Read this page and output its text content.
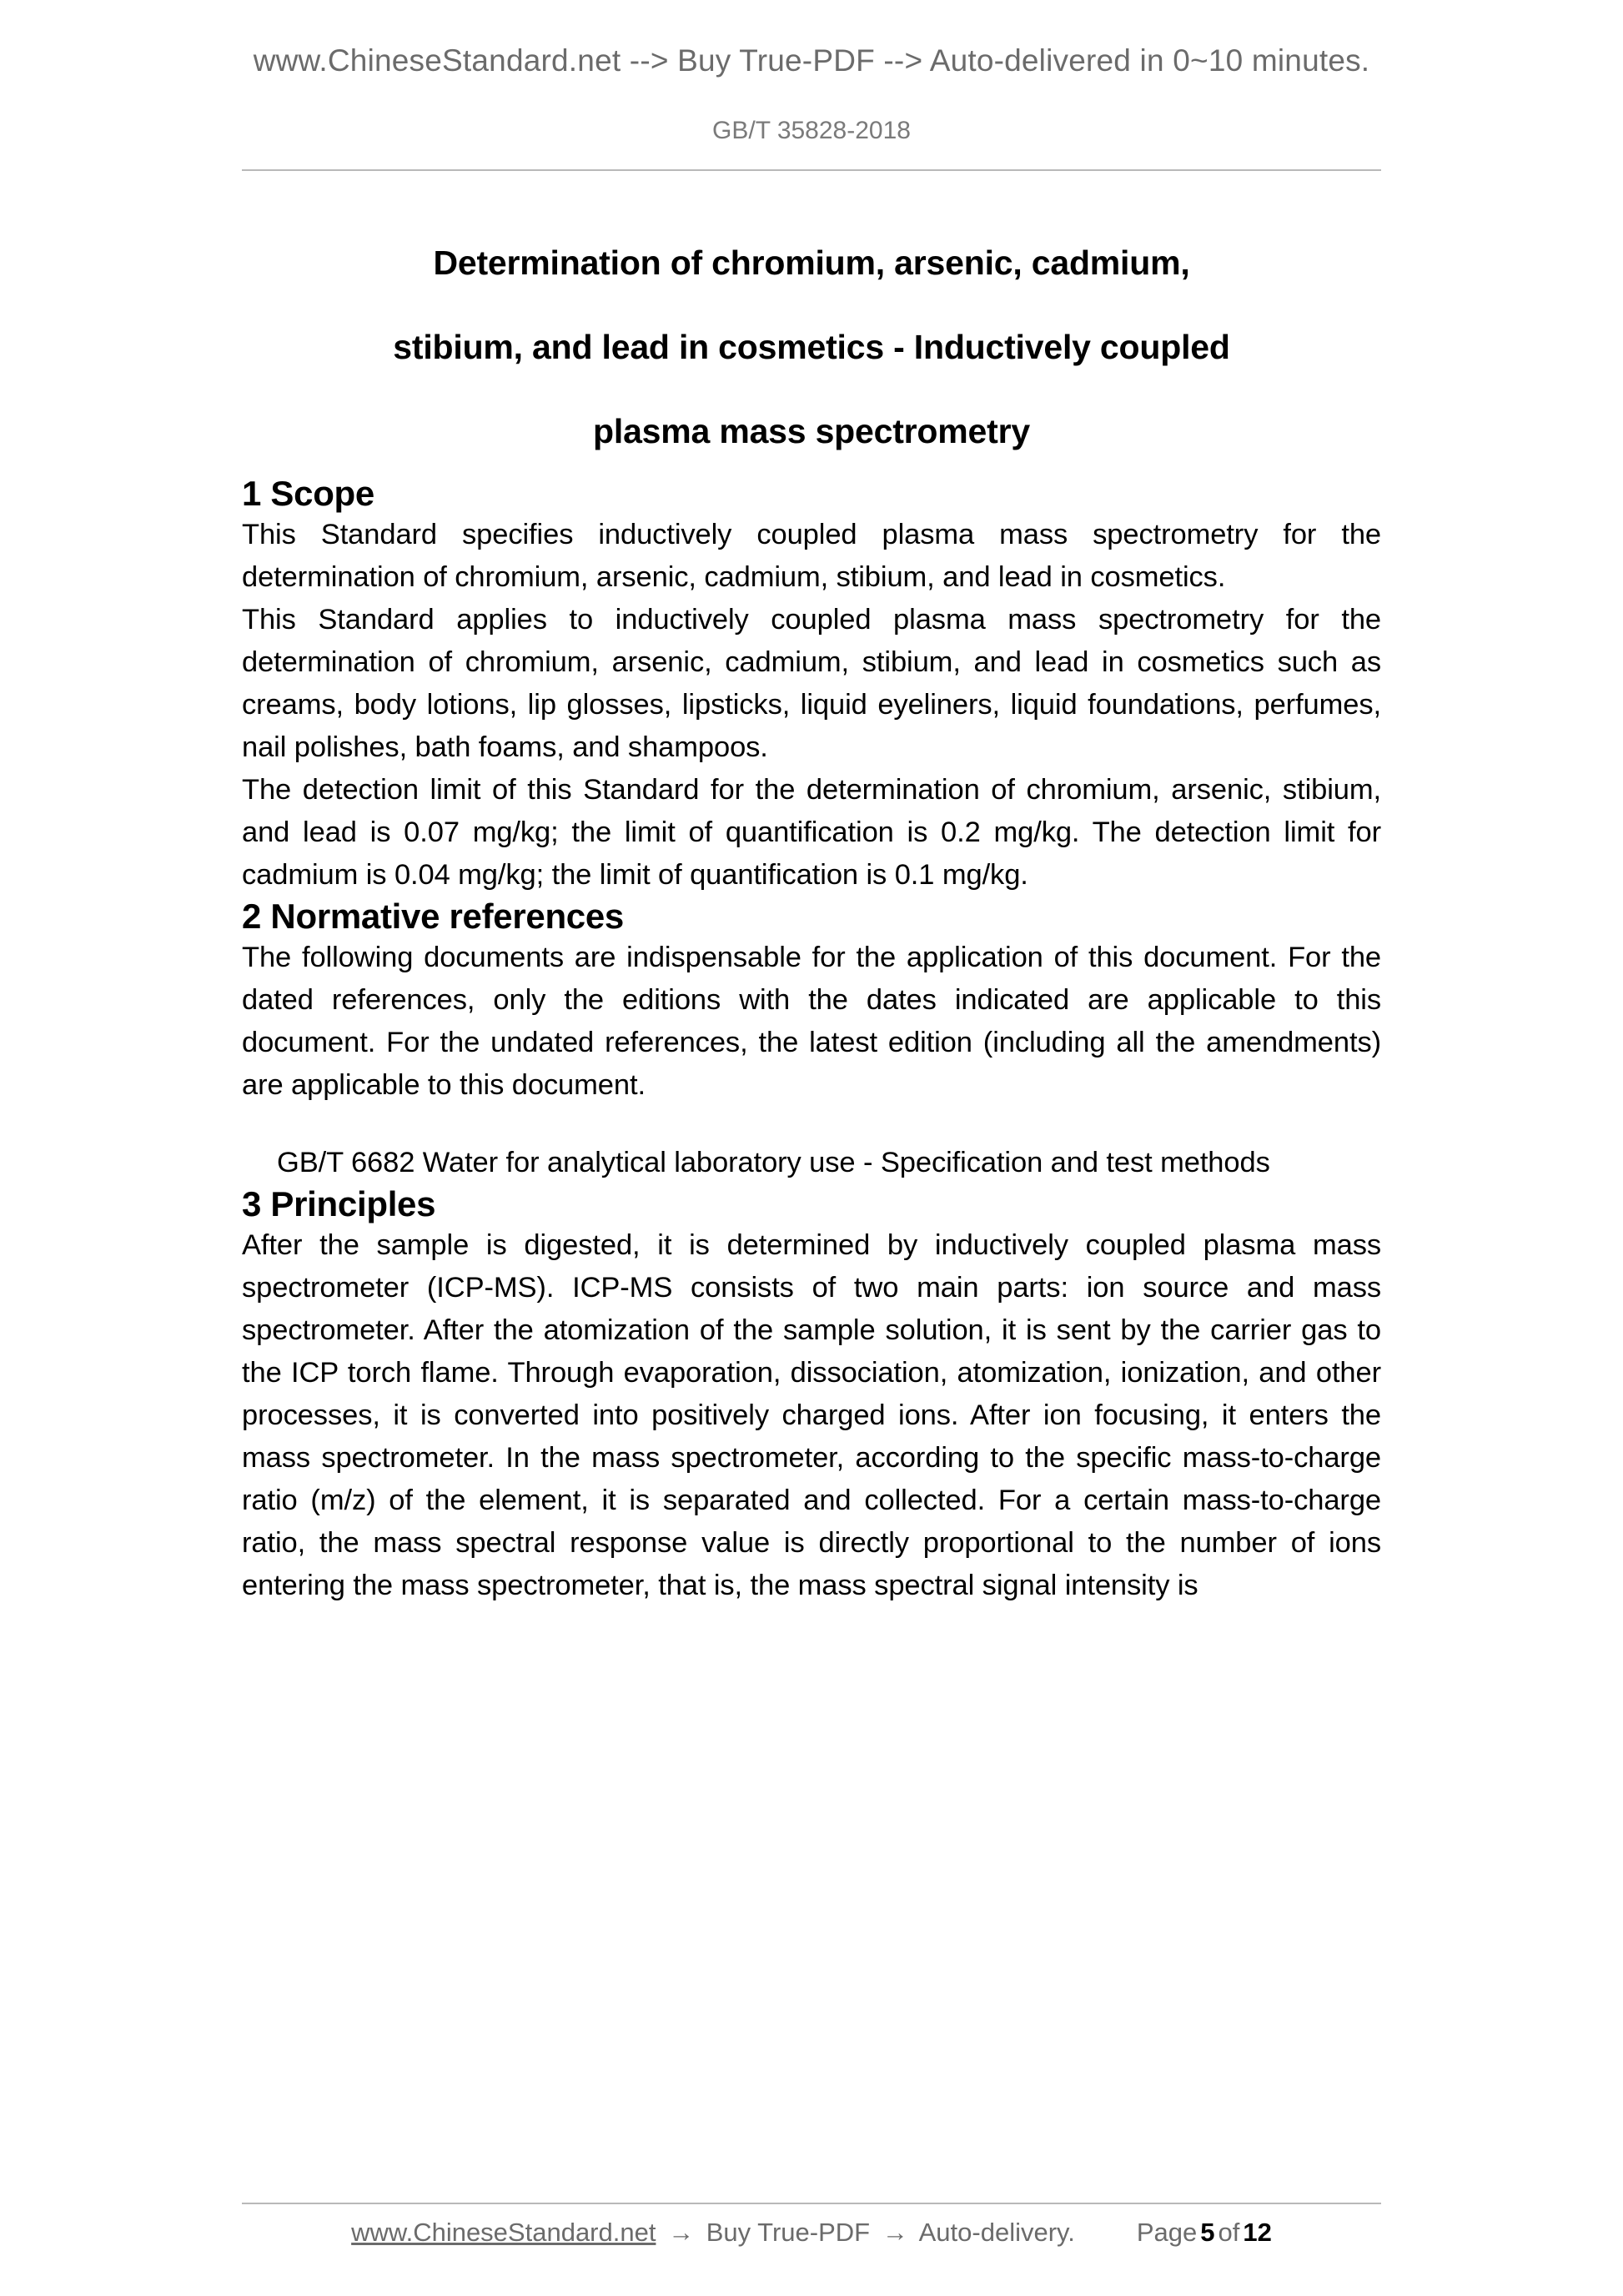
www.ChineseStandard.net --> Buy True-PDF --> Auto-delivered in 0~10 minutes.
GB/T 35828-2018
Determination of chromium, arsenic, cadmium,
stibium, and lead in cosmetics - Inductively coupled
plasma mass spectrometry
1 Scope

This Standard specifies inductively coupled plasma mass spectrometry for the determination of chromium, arsenic, cadmium, stibium, and lead in cosmetics.

This Standard applies to inductively coupled plasma mass spectrometry for the determination of chromium, arsenic, cadmium, stibium, and lead in cosmetics such as creams, body lotions, lip glosses, lipsticks, liquid eyeliners, liquid foundations, perfumes, nail polishes, bath foams, and shampoos.

The detection limit of this Standard for the determination of chromium, arsenic, stibium, and lead is 0.07 mg/kg; the limit of quantification is 0.2 mg/kg. The detection limit for cadmium is 0.04 mg/kg; the limit of quantification is 0.1 mg/kg.

2 Normative references

The following documents are indispensable for the application of this document. For the dated references, only the editions with the dates indicated are applicable to this document. For the undated references, the latest edition (including all the amendments) are applicable to this document.

GB/T 6682 Water for analytical laboratory use - Specification and test methods

3 Principles

After the sample is digested, it is determined by inductively coupled plasma mass spectrometer (ICP-MS). ICP-MS consists of two main parts: ion source and mass spectrometer. After the atomization of the sample solution, it is sent by the carrier gas to the ICP torch flame. Through evaporation, dissociation, atomization, ionization, and other processes, it is converted into positively charged ions. After ion focusing, it enters the mass spectrometer. In the mass spectrometer, according to the specific mass-to-charge ratio (m/z) of the element, it is separated and collected. For a certain mass-to-charge ratio, the mass spectral response value is directly proportional to the number of ions entering the mass spectrometer, that is, the mass spectral signal intensity is

www.ChineseStandard.net → Buy True-PDF → Auto-delivery. Page 5 of 12
